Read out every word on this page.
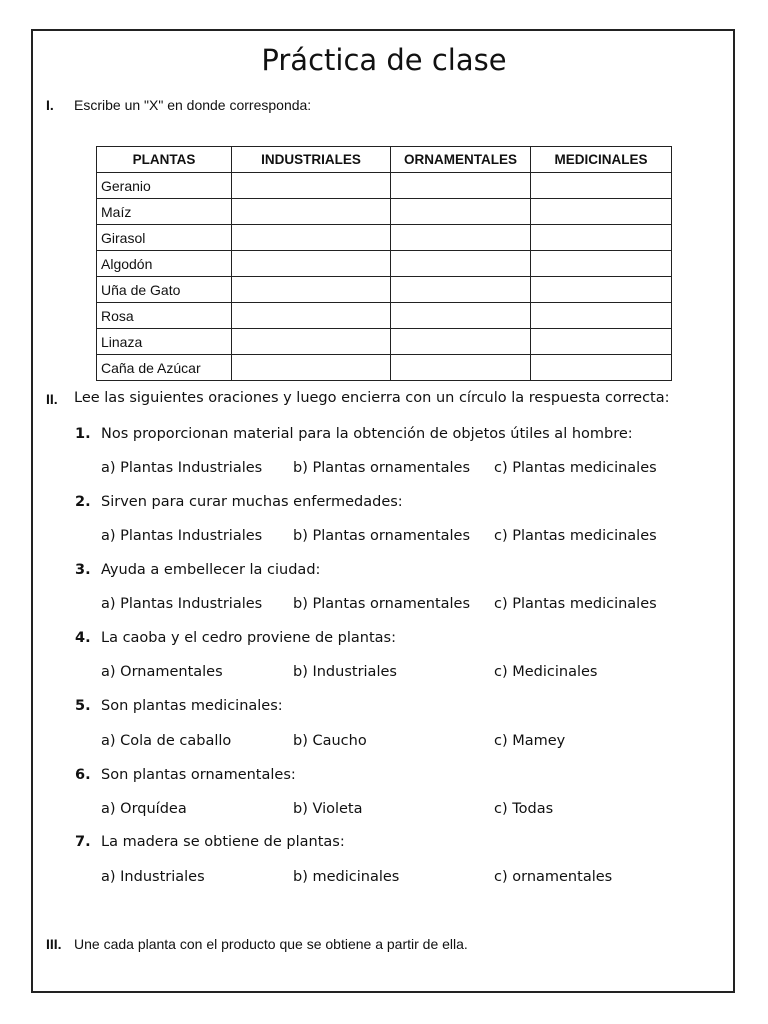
Práctica de clase
I. Escribe un "X" en donde corresponda:
PLANTAS	INDUSTRIALES	ORNAMENTALES	MEDICINALES
Geranio			
Maíz			
Girasol			
Algodón			
Uña de Gato			
Rosa			
Linaza			
Caña de Azúcar			
II. Lee las siguientes oraciones y luego encierra con un círculo la respuesta correcta:
1. Nos proporcionan material para la obtención de objetos útiles al hombre:
a) Plantas Industriales b) Plantas ornamentales c) Plantas medicinales
2. Sirven para curar muchas enfermedades:
a) Plantas Industriales b) Plantas ornamentales c) Plantas medicinales
3. Ayuda a embellecer la ciudad:
a) Plantas Industriales b) Plantas ornamentales c) Plantas medicinales
4. La caoba y el cedro proviene de plantas:
a) Ornamentales	b) Industriales	c) Medicinales
5. Son plantas medicinales:
a) Cola de caballo	b) Caucho	c) Mamey
6. Son plantas ornamentales:
a) Orquídea	b) Violeta	c) Todas
7. La madera se obtiene de plantas:
a) Industriales	b) medicinales	c) ornamentales
III. Une cada planta con el producto que se obtiene a partir de ella.
